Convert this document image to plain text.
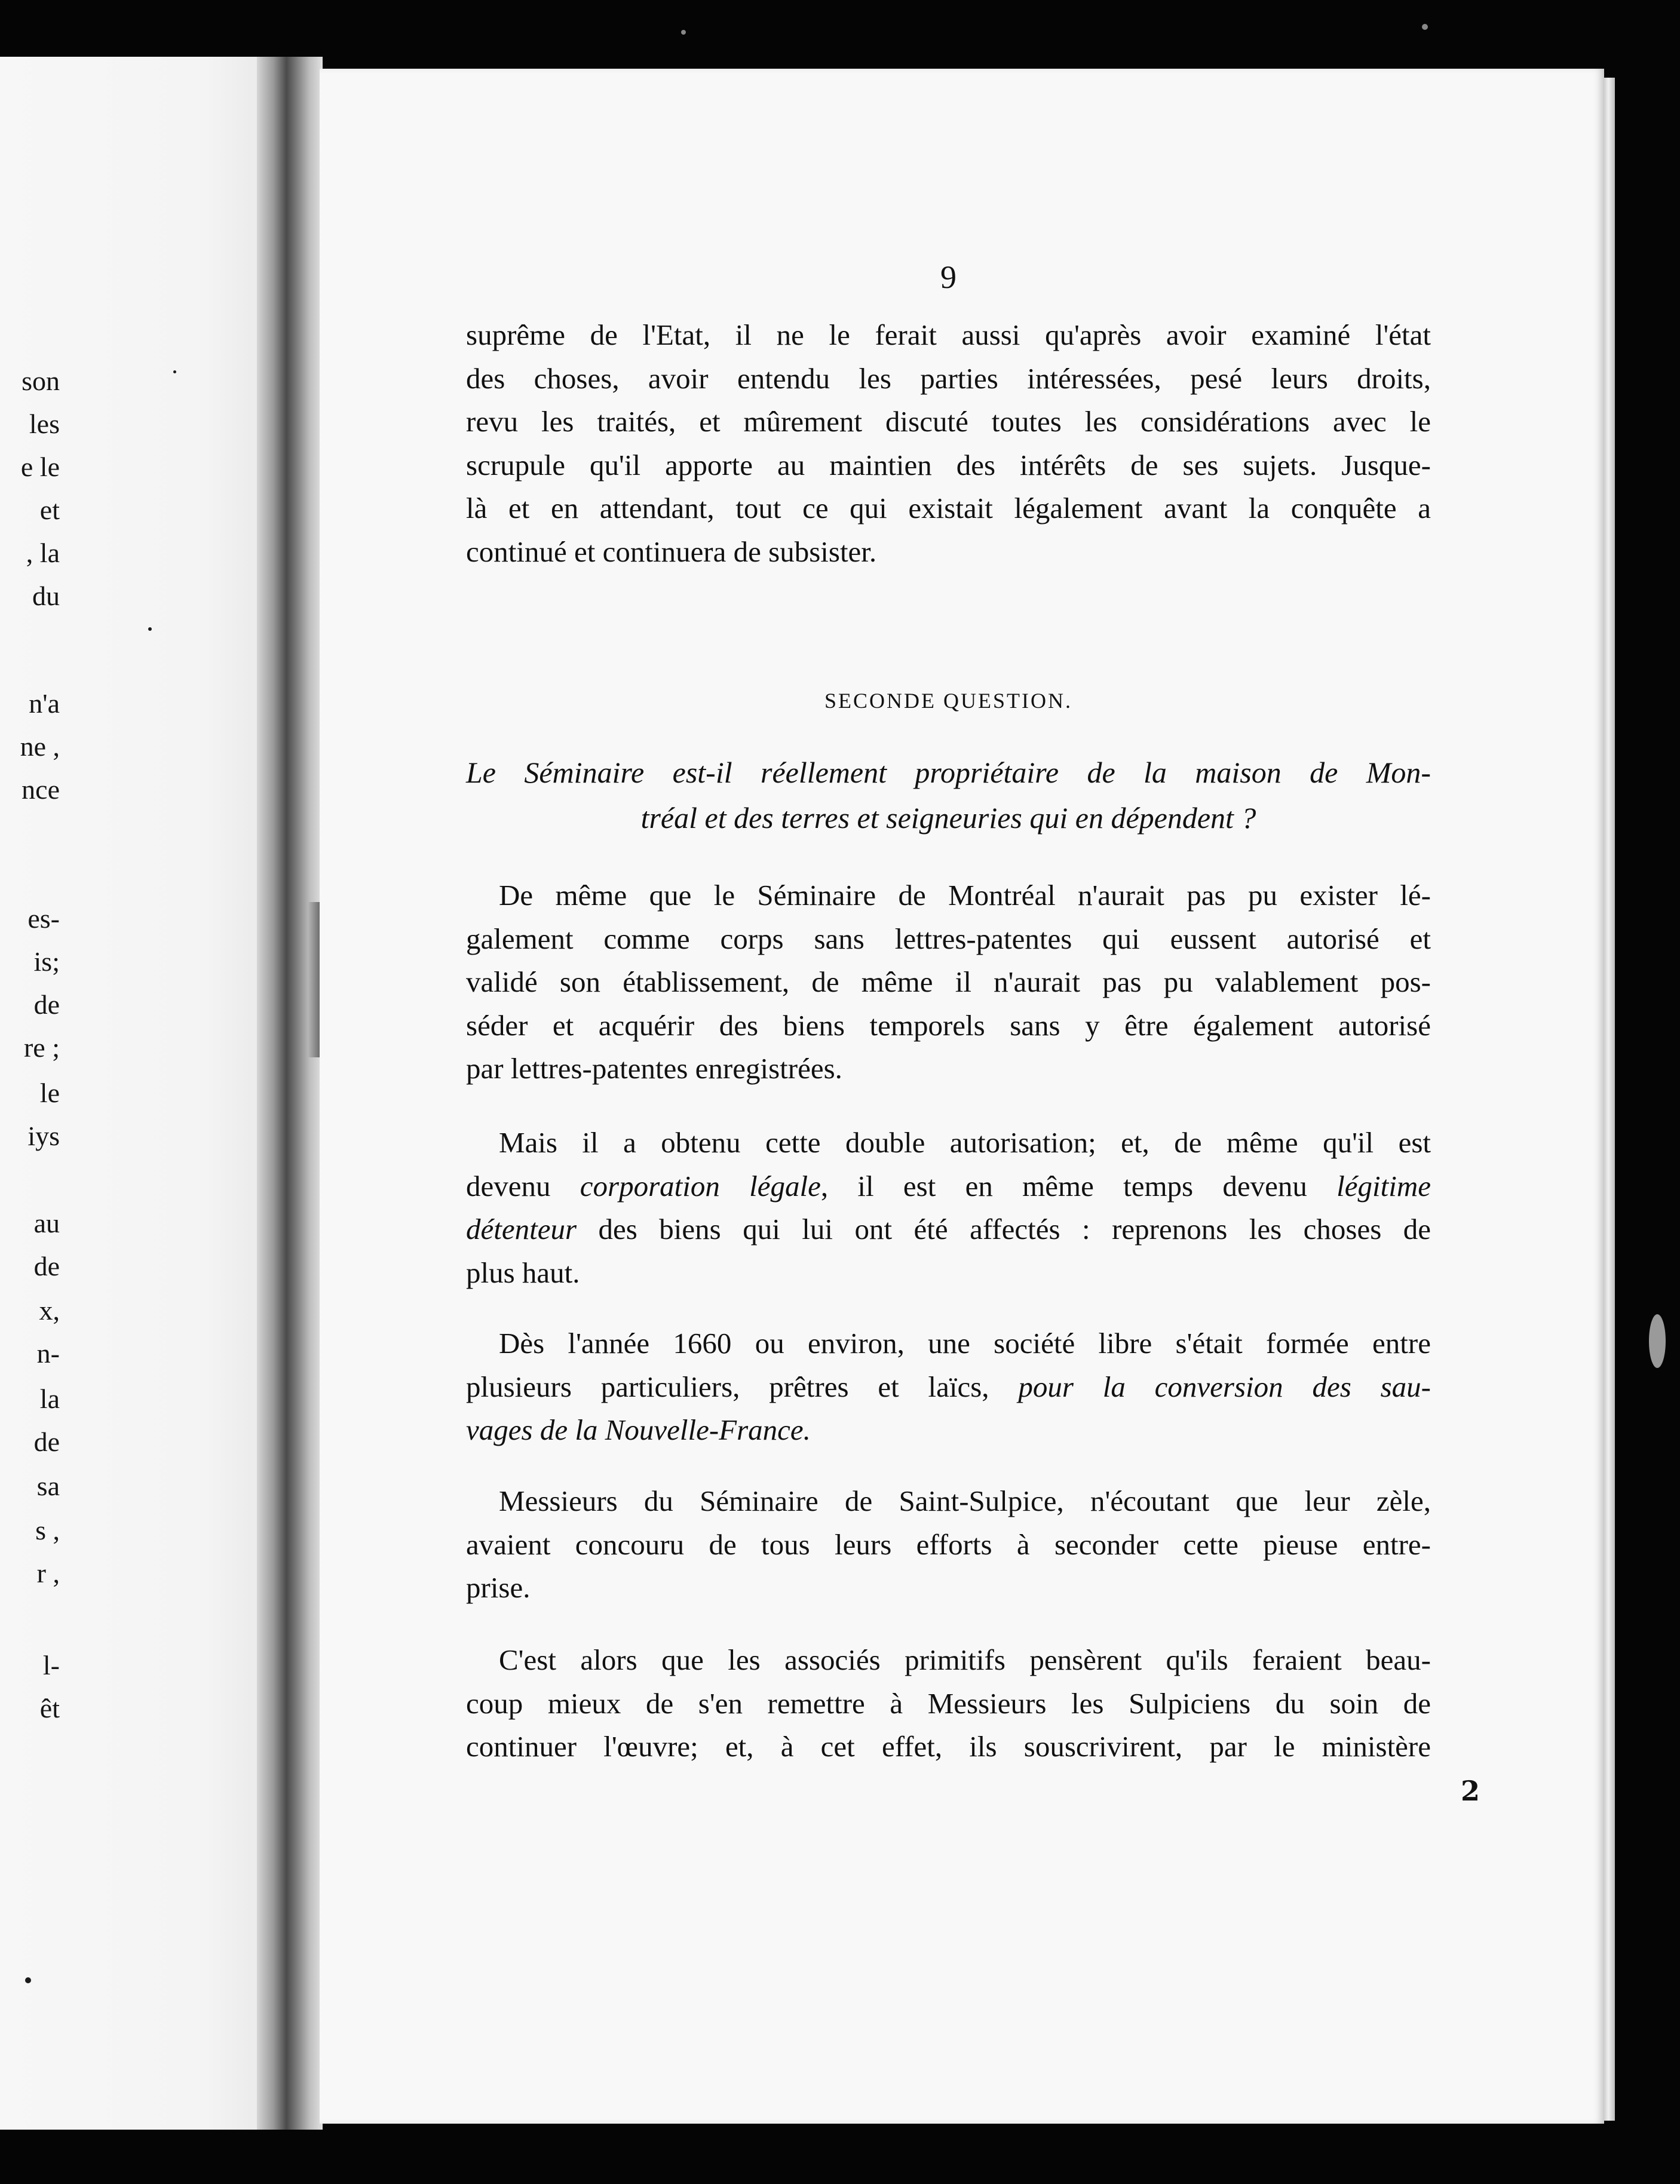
son
les
e le
et
, la
du
n'a
ne ,
nce
es-
is;
de
re ;
le
iys
au
de
x,
n-
la
de
sa
s ,
r ,
l-
êt
9
suprême de l'Etat, il ne le ferait aussi qu'après avoir examiné l'état
des choses, avoir entendu les parties intéressées, pesé leurs droits,
revu les traités, et mûrement discuté toutes les considérations avec le
scrupule qu'il apporte au maintien des intérêts de ses sujets. Jusque-
là et en attendant, tout ce qui existait légalement avant la conquête a
continué et continuera de subsister.
SECONDE QUESTION.
Le Séminaire est-il réellement propriétaire de la maison de Mon-
tréal et des terres et seigneuries qui en dépendent ?
De même que le Séminaire de Montréal n'aurait pas pu exister lé-
galement comme corps sans lettres-patentes qui eussent autorisé et
validé son établissement, de même il n'aurait pas pu valablement pos-
séder et acquérir des biens temporels sans y être également autorisé
par lettres-patentes enregistrées.
Mais il a obtenu cette double autorisation; et, de même qu'il est
devenu corporation légale, il est en même temps devenu légitime
détenteur des biens qui lui ont été affectés : reprenons les choses de
plus haut.
Dès l'année 1660 ou environ, une société libre s'était formée entre
plusieurs particuliers, prêtres et laïcs, pour la conversion des sau-
vages de la Nouvelle-France.
Messieurs du Séminaire de Saint-Sulpice, n'écoutant que leur zèle,
avaient concouru de tous leurs efforts à seconder cette pieuse entre-
prise.
C'est alors que les associés primitifs pensèrent qu'ils feraient beau-
coup mieux de s'en remettre à Messieurs les Sulpiciens du soin de
continuer l'œuvre; et, à cet effet, ils souscrivirent, par le ministère
2
